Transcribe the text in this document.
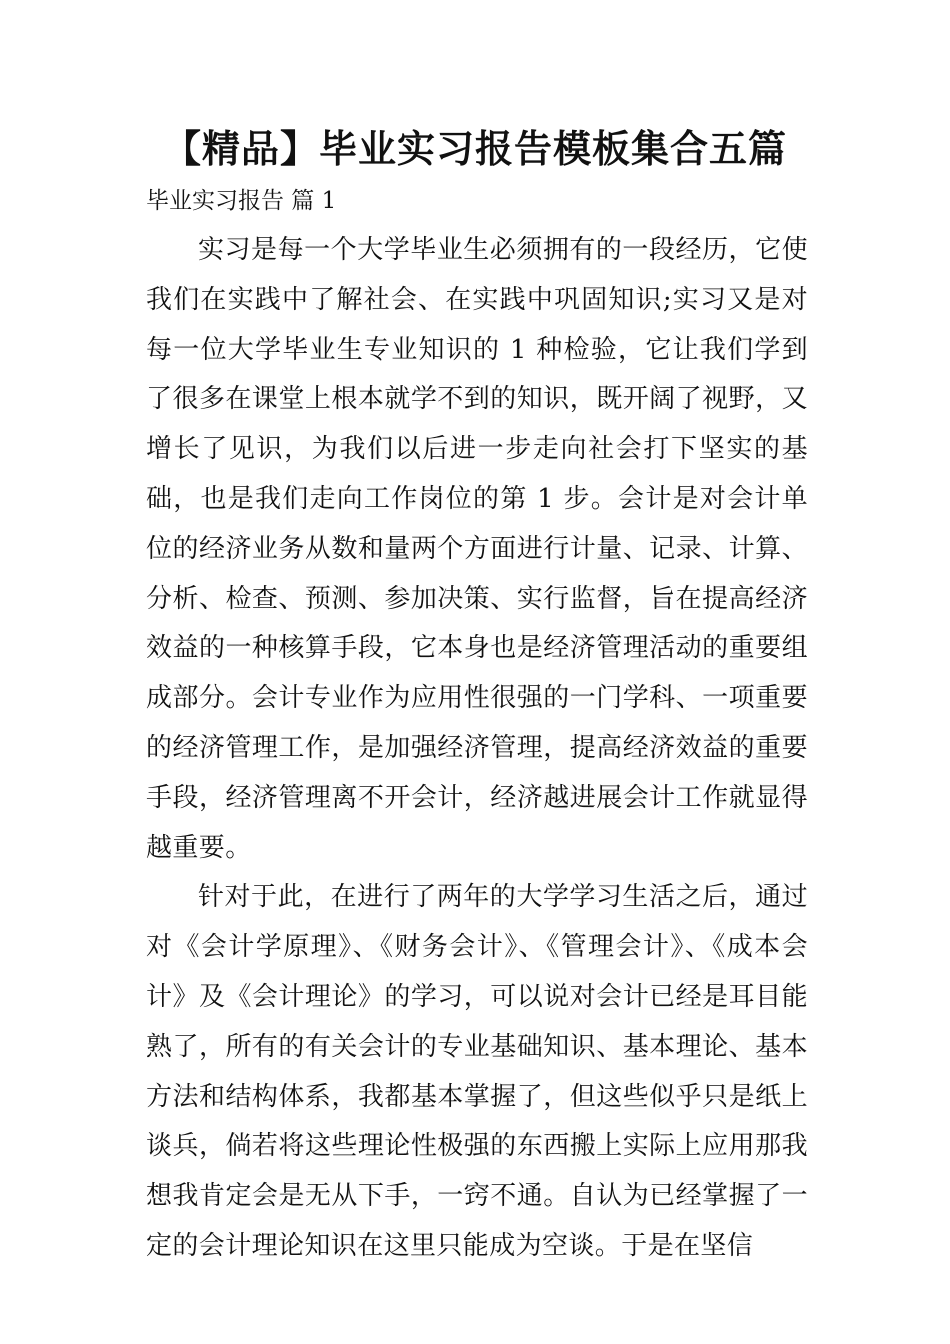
【精品】毕业实习报告模板集合五篇

毕业实习报告 篇 1

实习是每一个大学毕业生必须拥有的一段经历，它使我们在实践中了解社会、在实践中巩固知识;实习又是对每一位大学毕业生专业知识的 1 种检验，它让我们学到了很多在课堂上根本就学不到的知识，既开阔了视野，又增长了见识，为我们以后进一步走向社会打下坚实的基础，也是我们走向工作岗位的第 1 步。会计是对会计单位的经济业务从数和量两个方面进行计量、记录、计算、分析、检查、预测、参加决策、实行监督，旨在提高经济效益的一种核算手段，它本身也是经济管理活动的重要组成部分。会计专业作为应用性很强的一门学科、一项重要的经济管理工作，是加强经济管理，提高经济效益的重要手段，经济管理离不开会计，经济越进展会计工作就显得越重要。

针对于此，在进行了两年的大学学习生活之后，通过对《会计学原理》、《财务会计》、《管理会计》、《成本会计》及《会计理论》的学习，可以说对会计已经是耳目能熟了，所有的有关会计的专业基础知识、基本理论、基本方法和结构体系，我都基本掌握了，但这些似乎只是纸上谈兵，倘若将这些理论性极强的东西搬上实际上应用那我想我肯定会是无从下手，一窍不通。自认为已经掌握了一定的会计理论知识在这里只能成为空谈。于是在坚信
